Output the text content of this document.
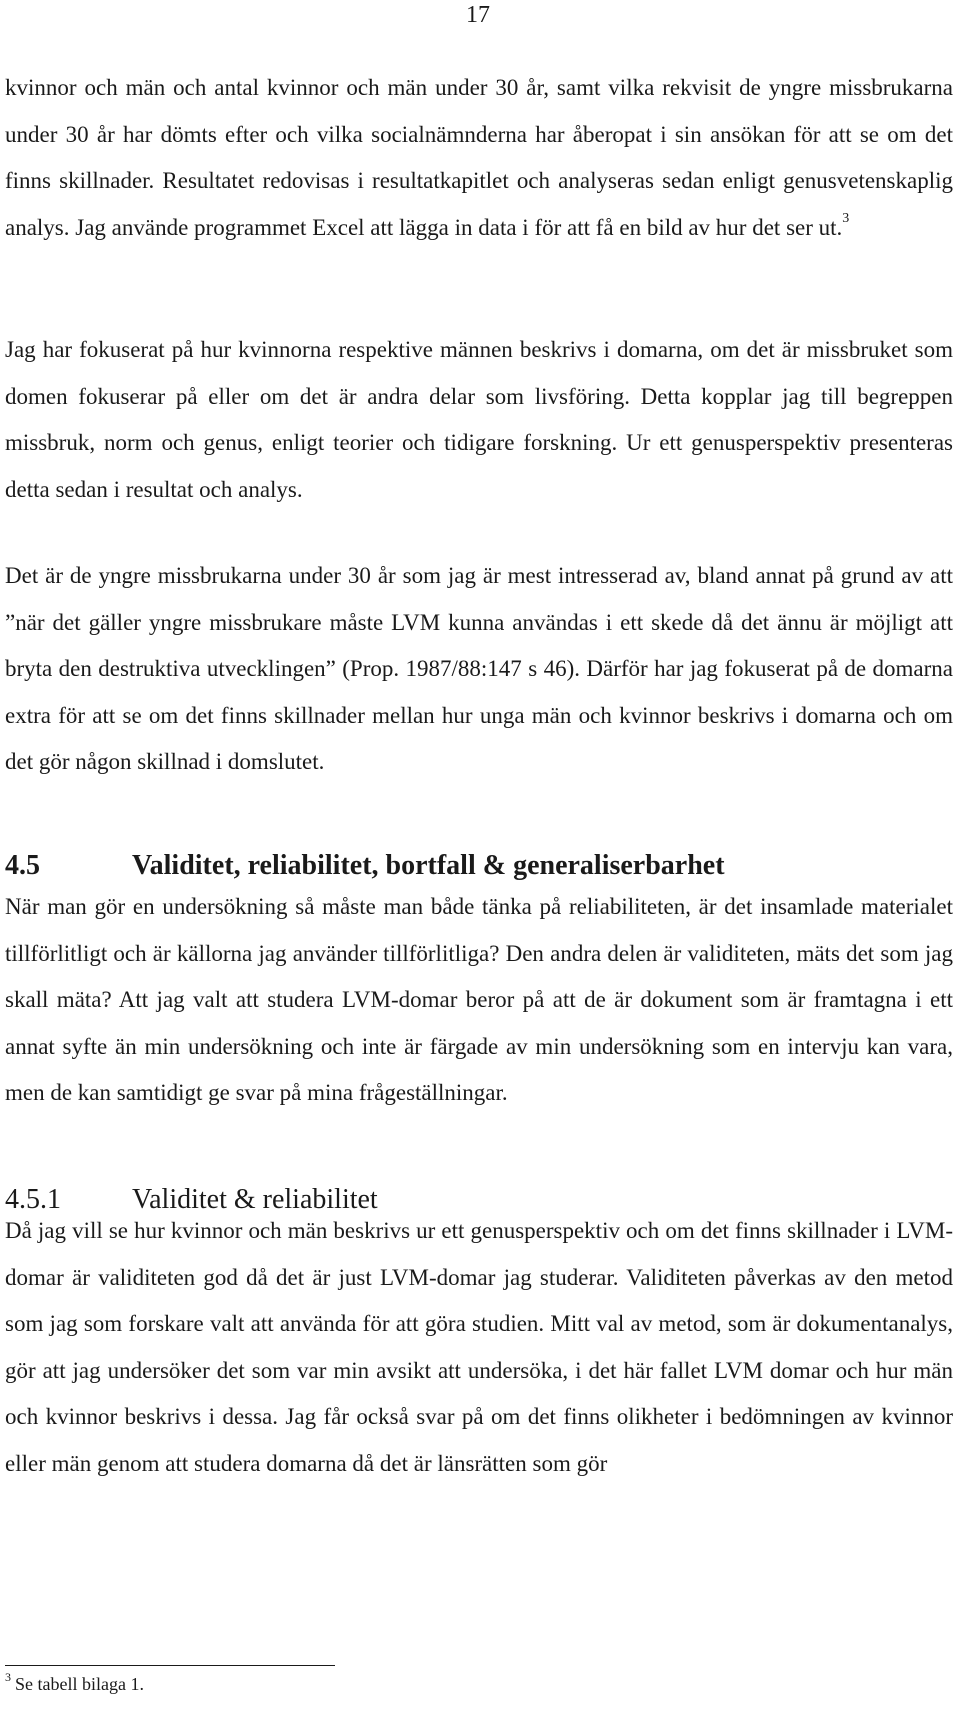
17

kvinnor och män och antal kvinnor och män under 30 år, samt vilka rekvisit de yngre missbrukarna under 30 år har dömts efter och vilka socialnämnderna har åberopat i sin ansökan för att se om det finns skillnader. Resultatet redovisas i resultatkapitlet och analyseras sedan enligt genusvetenskaplig analys. Jag använde programmet Excel att lägga in data i för att få en bild av hur det ser ut.$^3$

Jag har fokuserat på hur kvinnorna respektive männen beskrivs i domarna, om det är missbruket som domen fokuserar på eller om det är andra delar som livsföring. Detta kopplar jag till begreppen missbruk, norm och genus, enligt teorier och tidigare forskning. Ur ett genusperspektiv presenteras detta sedan i resultat och analys.

Det är de yngre missbrukarna under 30 år som jag är mest intresserad av, bland annat på grund av att ”när det gäller yngre missbrukare måste LVM kunna användas i ett skede då det ännu är möjligt att bryta den destruktiva utvecklingen” (Prop. 1987/88:147 s 46). Därför har jag fokuserat på de domarna extra för att se om det finns skillnader mellan hur unga män och kvinnor beskrivs i domarna och om det gör någon skillnad i domslutet.

4.5	Validitet, reliabilitet, bortfall & generaliserbarhet

När man gör en undersökning så måste man både tänka på reliabiliteten, är det insamlade materialet tillförlitligt och är källorna jag använder tillförlitliga? Den andra delen är validiteten, mäts det som jag skall mäta? Att jag valt att studera LVM-domar beror på att de är dokument som är framtagna i ett annat syfte än min undersökning och inte är färgade av min undersökning som en intervju kan vara, men de kan samtidigt ge svar på mina frågeställningar.

4.5.1	Validitet & reliabilitet

Då jag vill se hur kvinnor och män beskrivs ur ett genusperspektiv och om det finns skillnader i LVM-domar är validiteten god då det är just LVM-domar jag studerar. Validiteten påverkas av den metod som jag som forskare valt att använda för att göra studien. Mitt val av metod, som är dokumentanalys, gör att jag undersöker det som var min avsikt att undersöka, i det här fallet LVM domar och hur män och kvinnor beskrivs i dessa. Jag får också svar på om det finns olikheter i bedömningen av kvinnor eller män genom att studera domarna då det är länsrätten som gör

$^3$ Se tabell bilaga 1.
